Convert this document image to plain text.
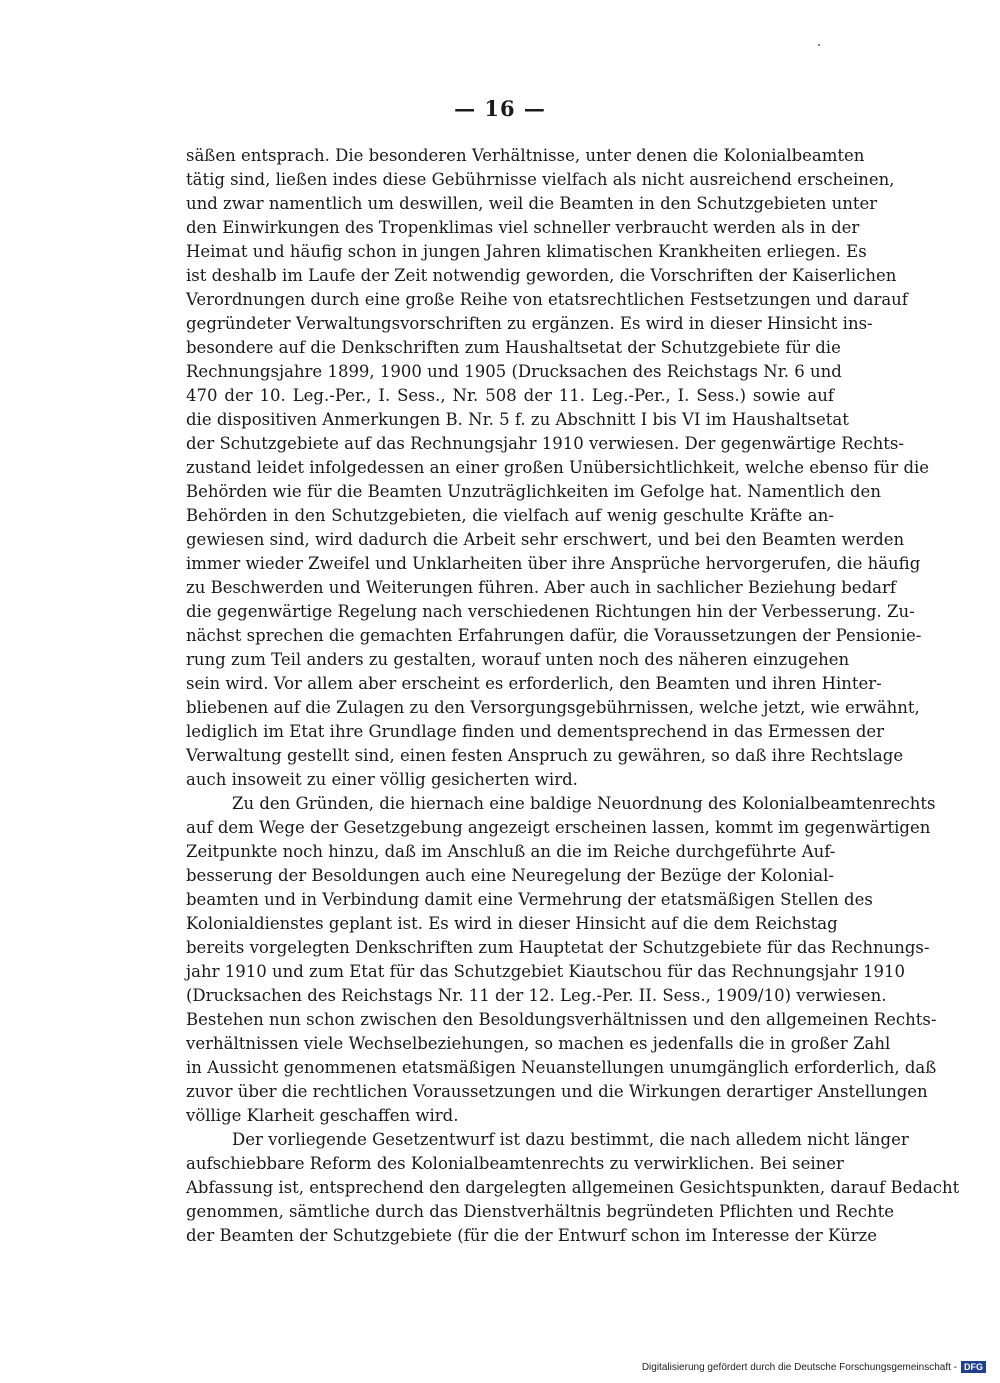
— 16 —
säßen entsprach. Die besonderen Verhältnisse, unter denen die Kolonialbeamten
tätig sind, ließen indes diese Gebührnisse vielfach als nicht ausreichend erscheinen,
und zwar namentlich um deswillen, weil die Beamten in den Schutzgebieten unter
den Einwirkungen des Tropenklimas viel schneller verbraucht werden als in der
Heimat und häufig schon in jungen Jahren klimatischen Krankheiten erliegen. Es
ist deshalb im Laufe der Zeit notwendig geworden, die Vorschriften der Kaiserlichen
Verordnungen durch eine große Reihe von etatsrechtlichen Festsetzungen und darauf
gegründeter Verwaltungsvorschriften zu ergänzen. Es wird in dieser Hinsicht ins-
besondere auf die Denkschriften zum Haushaltsetat der Schutzgebiete für die
Rechnungsjahre 1899, 1900 und 1905 (Drucksachen des Reichstags Nr. 6 und
470 der 10. Leg.-Per., I. Sess., Nr. 508 der 11. Leg.-Per., I. Sess.) sowie auf
die dispositiven Anmerkungen B. Nr. 5 f. zu Abschnitt I bis VI im Haushaltsetat
der Schutzgebiete auf das Rechnungsjahr 1910 verwiesen. Der gegenwärtige Rechts-
zustand leidet infolgedessen an einer großen Unübersichtlichkeit, welche ebenso für die
Behörden wie für die Beamten Unzuträglichkeiten im Gefolge hat. Namentlich den
Behörden in den Schutzgebieten, die vielfach auf wenig geschulte Kräfte an-
gewiesen sind, wird dadurch die Arbeit sehr erschwert, und bei den Beamten werden
immer wieder Zweifel und Unklarheiten über ihre Ansprüche hervorgerufen, die häufig
zu Beschwerden und Weiterungen führen. Aber auch in sachlicher Beziehung bedarf
die gegenwärtige Regelung nach verschiedenen Richtungen hin der Verbesserung. Zu-
nächst sprechen die gemachten Erfahrungen dafür, die Voraussetzungen der Pensionie-
rung zum Teil anders zu gestalten, worauf unten noch des näheren einzugehen
sein wird. Vor allem aber erscheint es erforderlich, den Beamten und ihren Hinter-
bliebenen auf die Zulagen zu den Versorgungsgebührnissen, welche jetzt, wie erwähnt,
lediglich im Etat ihre Grundlage finden und dementsprechend in das Ermessen der
Verwaltung gestellt sind, einen festen Anspruch zu gewähren, so daß ihre Rechtslage
auch insoweit zu einer völlig gesicherten wird.
Zu den Gründen, die hiernach eine baldige Neuordnung des Kolonialbeamtenrechts
auf dem Wege der Gesetzgebung angezeigt erscheinen lassen, kommt im gegenwärtigen
Zeitpunkte noch hinzu, daß im Anschluß an die im Reiche durchgeführte Auf-
besserung der Besoldungen auch eine Neuregelung der Bezüge der Kolonial-
beamten und in Verbindung damit eine Vermehrung der etatsmäßigen Stellen des
Kolonialdienstes geplant ist. Es wird in dieser Hinsicht auf die dem Reichstag
bereits vorgelegten Denkschriften zum Hauptetat der Schutzgebiete für das Rechnungs-
jahr 1910 und zum Etat für das Schutzgebiet Kiautschou für das Rechnungsjahr 1910
(Drucksachen des Reichstags Nr. 11 der 12. Leg.-Per. II. Sess., 1909/10) verwiesen.
Bestehen nun schon zwischen den Besoldungsverhältnissen und den allgemeinen Rechts-
verhältnissen viele Wechselbeziehungen, so machen es jedenfalls die in großer Zahl
in Aussicht genommenen etatsmäßigen Neuanstellungen unumgänglich erforderlich, daß
zuvor über die rechtlichen Voraussetzungen und die Wirkungen derartiger Anstellungen
völlige Klarheit geschaffen wird.
Der vorliegende Gesetzentwurf ist dazu bestimmt, die nach alledem nicht länger
aufschiebbare Reform des Kolonialbeamtenrechts zu verwirklichen. Bei seiner
Abfassung ist, entsprechend den dargelegten allgemeinen Gesichtspunkten, darauf Bedacht
genommen, sämtliche durch das Dienstverhältnis begründeten Pflichten und Rechte
der Beamten der Schutzgebiete (für die der Entwurf schon im Interesse der Kürze
Digitalisierung gefördert durch die Deutsche Forschungsgemeinschaft - DFG
